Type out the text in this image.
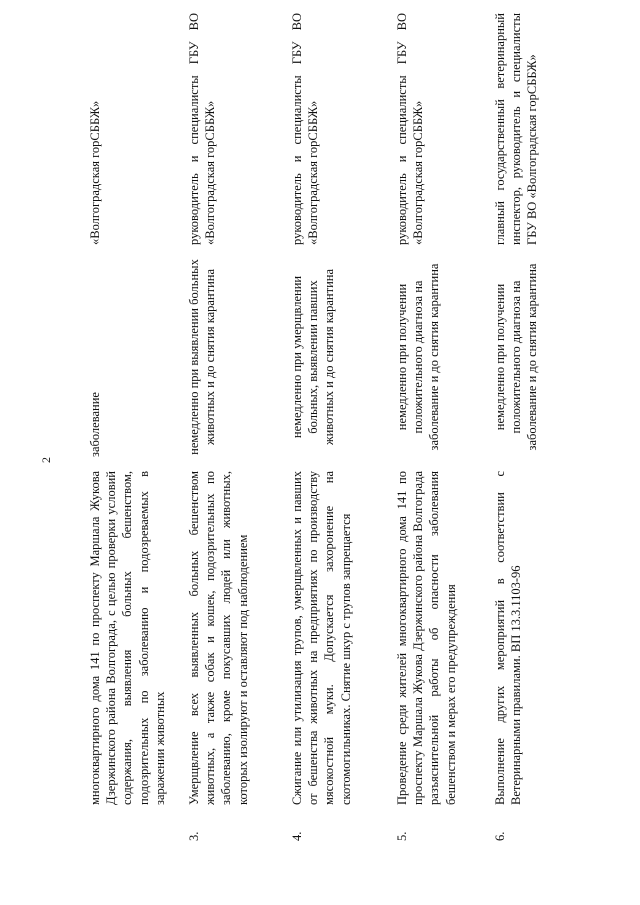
2
многоквартирного дома 141 по проспекту Маршала Жукова Дзержинского района Волгограда, с целью проверки условий содержания, выявления больных бешенством, подозрительных по заболеванию и подозреваемых в заражении животных
заболевание
«Волгоградская горСББЖ»
3.
Умерщвление всех выявленных больных бешенством животных, а также собак и кошек, подозрительных по заболеванию, кроме покусавших людей или животных, которых изолируют и оставляют под наблюдением
немедленно при выявлении больных животных и до снятия карантина
руководитель и специалисты ГБУ ВО «Волгоградская горСББЖ»
4.
Сжигание или утилизация трупов, умерщвленных и павших от бешенства животных на предприятиях по производству мясокостной муки. Допускается захоронение на скотомогильниках. Снятие шкур с трупов запрещается
немедленно при умерщвлении больных, выявлении павших животных и до снятия карантина
руководитель и специалисты ГБУ ВО «Волгоградская горСББЖ»
5.
Проведение среди жителей многоквартирного дома 141 по проспекту Маршала Жукова Дзержинского района Волгограда разъяснительной работы об опасности заболевания бешенством и мерах его предупреждения
немедленно при получении положительного диагноза на заболевание и до снятия карантина
руководитель и специалисты ГБУ ВО «Волгоградская горСББЖ»
6.
Выполнение других мероприятий в соответствии с Ветеринарными правилами. ВП 13.3.1103-96
немедленно при получении положительного диагноза на заболевание и до снятия карантина
главный государственный ветеринарный инспектор, руководитель и специалисты ГБУ ВО «Волгоградская горСББЖ»
